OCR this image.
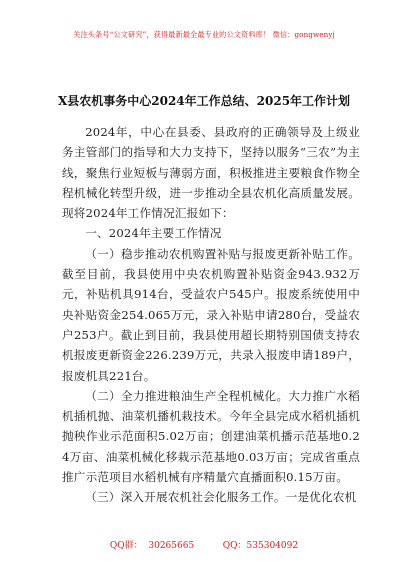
关注头条号“公文研究”，获得最新最全最专业的公文资料库！ 微信：gongwenyj
X县农机事务中心2024年工作总结、2025年工作计划

2024年，中心在县委、县政府的正确领导及上级业务主管部门的指导和大力支持下，坚持以服务“三农”为主线，聚焦行业短板与薄弱方面，积极推进主要粮食作物全程机械化转型升级，进一步推动全县农机化高质量发展。现将2024年工作情况汇报如下：

一、2024年主要工作情况

（一）稳步推动农机购置补贴与报废更新补贴工作。截至目前，我县使用中央农机购置补贴资金943.932万元，补贴机具914台，受益农户545户。报废系统使用中央补贴资金254.065万元，录入补贴申请280台，受益农户253户。截止到目前，我县使用超长期特别国债支持农机报废更新资金226.239万元，共录入报废申请189户，报废机具221台。

（二）全力推进粮油生产全程机械化。大力推广水稻机插机抛、油菜机播机栽技术。今年全县完成水稻机插机抛秧作业示范面积5.02万亩；创建油菜机播示范基地0.24万亩、油菜机械化移栽示范基地0.03万亩；完成省重点推广示范项目水稻机械有序精量穴直播面积0.15万亩。

（三）深入开展农机社会化服务工作。一是优化农机

QQ群：  30265665	QQ：535304092
